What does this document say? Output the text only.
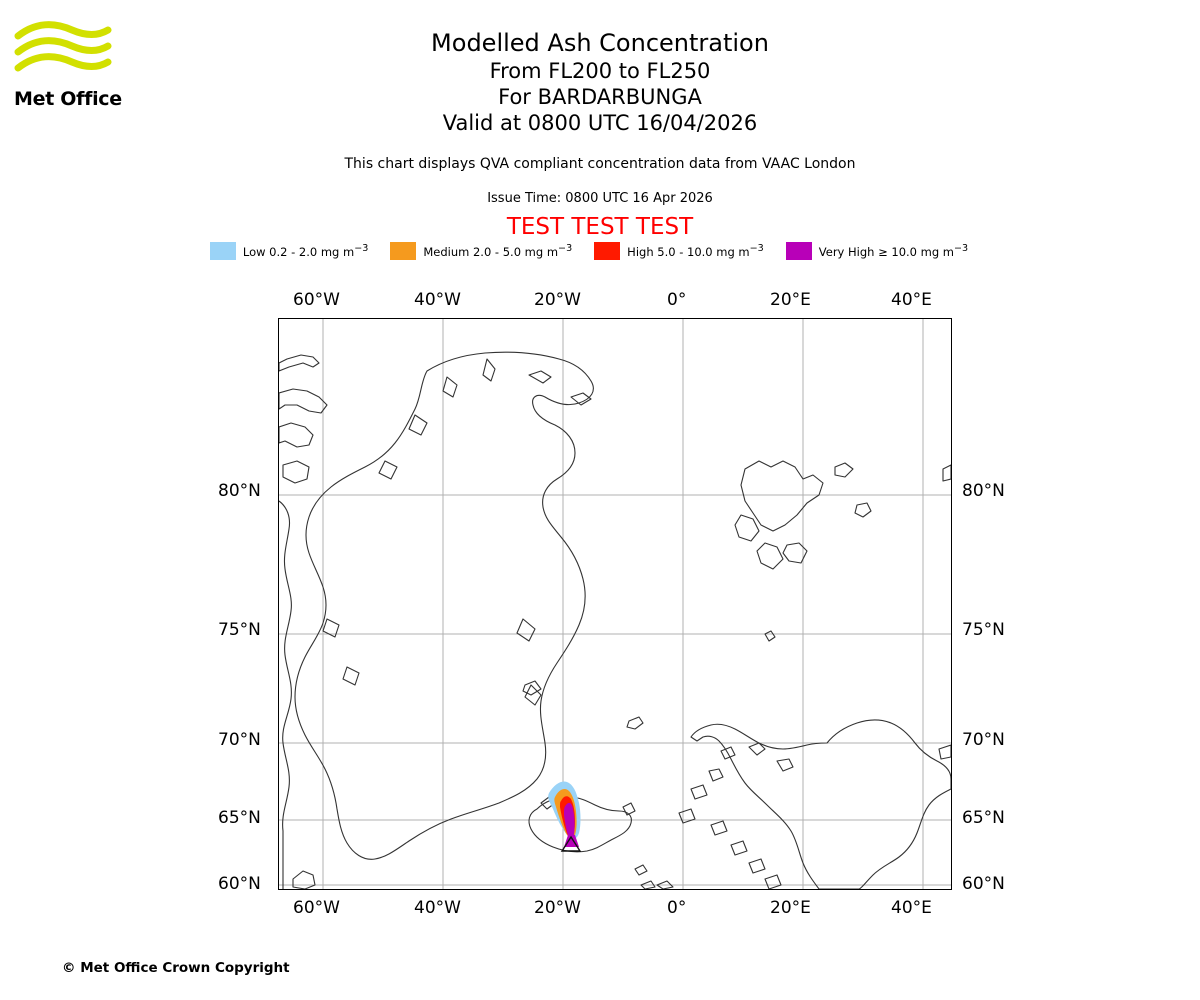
Met Office
Modelled Ash Concentration
From FL200 to FL250
For BARDARBUNGA
Valid at 0800 UTC 16/04/2026
This chart displays QVA compliant concentration data from VAAC London
Issue Time: 0800 UTC 16 Apr 2026
TEST TEST TEST
Low 0.2 - 2.0 mg $m^{-3}$	Medium 2.0 - 5.0 mg $m^{-3}$	High 5.0 - 10.0 mg $m^{-3}$	Very High ≥ 10.0 mg $m^{-3}$
60°W	40°W	20°W	0°	20°E	40°E
60°W	40°W	20°W	0°	20°E	40°E
80°N
75°N
70°N
65°N
60°N
80°N
75°N
70°N
65°N
60°N
© Met Office Crown Copyright
